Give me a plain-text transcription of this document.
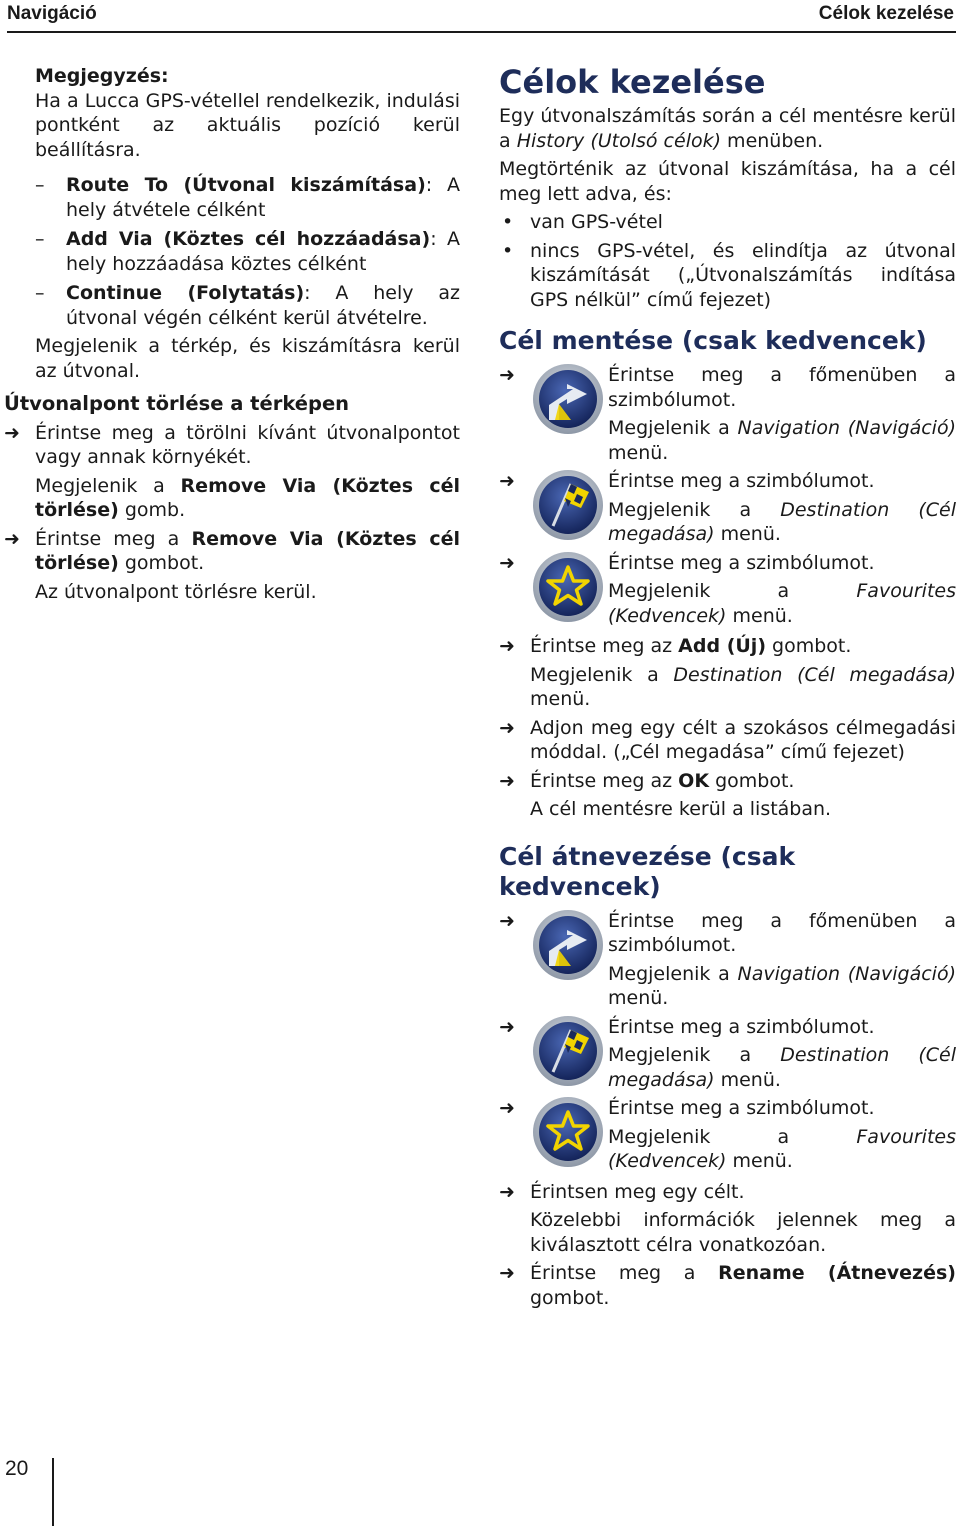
Navigáció	Célok kezelése

Megjegyzés:

Ha a Lucca GPS-vétellel rendelkezik, indulási pontként az aktuális pozíció kerül beállításra.

– Route To (Útvonal kiszámítása): A hely átvétele célként

– Add Via (Köztes cél hozzáadása): A hely hozzáadása köztes célként

– Continue (Folytatás): A hely az útvonal végén célként kerül átvételre.

Megjelenik a térkép, és kiszámításra kerül az útvonal.

Útvonalpont törlése a térképen

➜ Érintse meg a törölni kívánt útvonalpontot vagy annak környékét.

Megjelenik a Remove Via (Köztes cél törlése) gomb.

➜ Érintse meg a Remove Via (Köztes cél törlése) gombot.

Az útvonalpont törlésre kerül.

Célok kezelése

Egy útvonalszámítás során a cél mentésre kerül a History (Utolsó célok) menüben.

Megtörténik az útvonal kiszámítása, ha a cél meg lett adva, és:

• van GPS-vétel

• nincs GPS-vétel, és elindítja az útvonal kiszámítását („Útvonalszámítás indítása GPS nélkül” című fejezet)

Cél mentése (csak kedvencek)
➜	Érintse meg a főmenüben a szimbólumot.

Megjelenik a Navigation (Navigáció) menü.

➜	Érintse meg a szimbólumot.

Megjelenik a Destination (Cél megadása) menü.

➜	Érintse meg a szimbólumot.

Megjelenik a Favourites (Kedvencek) menü.

➜ Érintse meg az Add (Új) gombot.

Megjelenik a Destination (Cél megadása) menü.

➜ Adjon meg egy célt a szokásos célmegadási móddal. („Cél megadása” című fejezet)

➜ Érintse meg az OK gombot.

A cél mentésre kerül a listában.

Cél átnevezése (csak kedvencek)
➜	Érintse meg a főmenüben a szimbólumot.

Megjelenik a Navigation (Navigáció) menü.

➜	Érintse meg a szimbólumot.

Megjelenik a Destination (Cél megadása) menü.

➜	Érintse meg a szimbólumot.

Megjelenik a Favourites (Kedvencek) menü.

➜ Érintsen meg egy célt.

Közelebbi információk jelennek meg a kiválasztott célra vonatkozóan.

➜ Érintse meg a Rename (Átnevezés) gombot.

20
